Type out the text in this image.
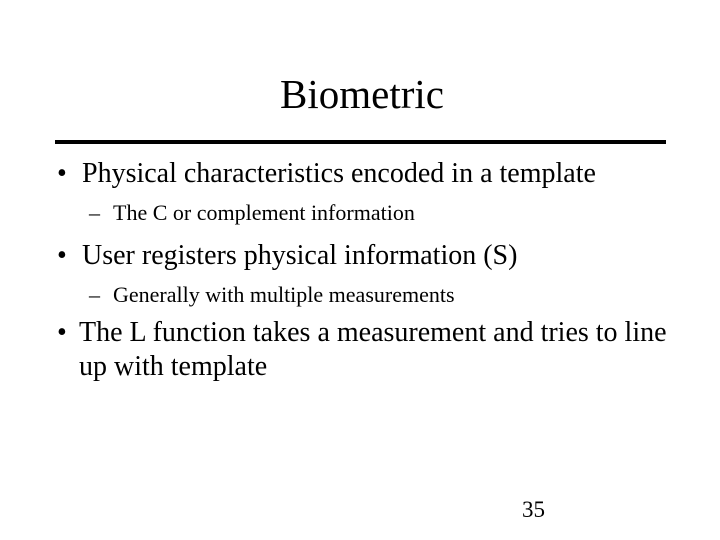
Biometric
• Physical characteristics encoded in a template
– The C or complement information
• User registers physical information (S)
– Generally with multiple measurements
• The L function takes a measurement and tries to line up with template
35
